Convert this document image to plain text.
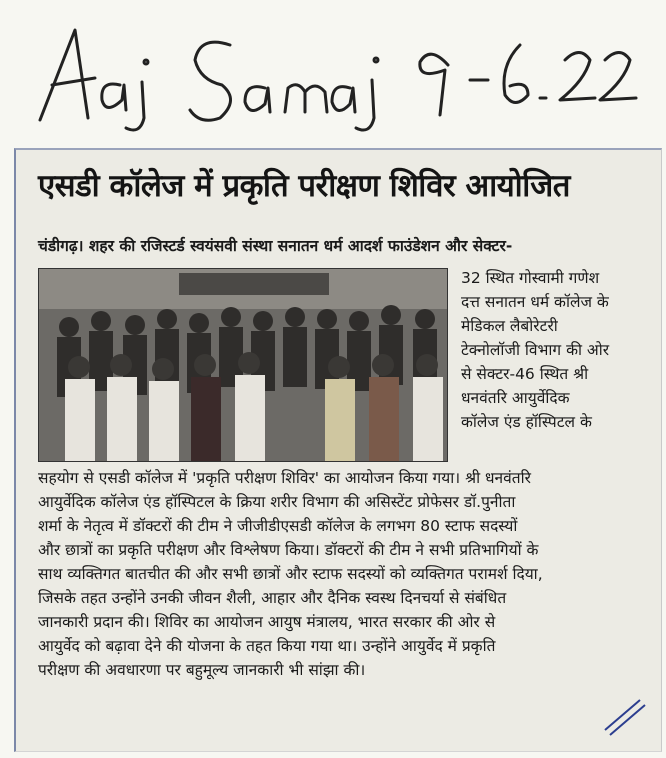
एसडी कॉलेज में प्रकृति परीक्षण शिविर आयोजित
चंडीगढ़। शहर की रजिस्टर्ड स्वयंसवी संस्था सनातन धर्म आदर्श फाउंडेशन और सेक्टर-
32 स्थित गोस्वामी गणेश
दत्त सनातन धर्म कॉलेज के
मेडिकल लैबोरेटरी
टेक्नोलॉजी विभाग की ओर
से सेक्टर-46 स्थित श्री
धनवंतरि आयुर्वेदिक
कॉलेज एंड हॉस्पिटल के
सहयोग से एसडी कॉलेज में 'प्रकृति परीक्षण शिविर' का आयोजन किया गया। श्री धनवंतरि
आयुर्वेदिक कॉलेज एंड हॉस्पिटल के क्रिया शरीर विभाग की असिस्टेंट प्रोफेसर डॉ.पुनीता
शर्मा के नेतृत्व में डॉक्टरों की टीम ने जीजीडीएसडी कॉलेज के लगभग 80 स्टाफ सदस्यों
और छात्रों का प्रकृति परीक्षण और विश्लेषण किया। डॉक्टरों की टीम ने सभी प्रतिभागियों के
साथ व्यक्तिगत बातचीत की और सभी छात्रों और स्टाफ सदस्यों को व्यक्तिगत परामर्श दिया,
जिसके तहत उन्होंने उनकी जीवन शैली, आहार और दैनिक स्वस्थ दिनचर्या से संबंधित
जानकारी प्रदान की। शिविर का आयोजन आयुष मंत्रालय, भारत सरकार की ओर से
आयुर्वेद को बढ़ावा देने की योजना के तहत किया गया था। उन्होंने आयुर्वेद में प्रकृति
परीक्षण की अवधारणा पर बहुमूल्य जानकारी भी सांझा की।
